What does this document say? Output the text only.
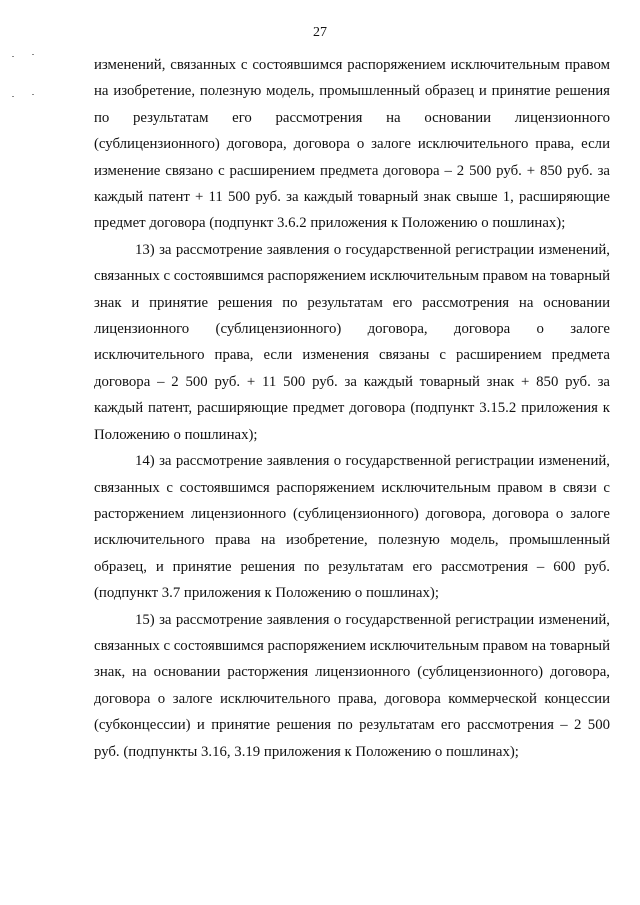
27

изменений, связанных с состоявшимся распоряжением исключительным правом на изобретение, полезную модель, промышленный образец и принятие решения по результатам его рассмотрения на основании лицензионного (сублицензионного) договора, договора о залоге исключительного права, если изменение связано с расширением предмета договора – 2 500 руб. + 850 руб. за каждый патент + 11 500 руб. за каждый товарный знак свыше 1, расширяющие предмет договора (подпункт 3.6.2 приложения к Положению о пошлинах);

13) за рассмотрение заявления о государственной регистрации изменений, связанных с состоявшимся распоряжением исключительным правом на товарный знак и принятие решения по результатам его рассмотрения на основании лицензионного (сублицензионного) договора, договора о залоге исключительного права, если изменения связаны с расширением предмета договора – 2 500 руб. + 11 500 руб. за каждый товарный знак + 850 руб. за каждый патент, расширяющие предмет договора (подпункт 3.15.2 приложения к Положению о пошлинах);

14) за рассмотрение заявления о государственной регистрации изменений, связанных с состоявшимся распоряжением исключительным правом в связи с расторжением лицензионного (сублицензионного) договора, договора о залоге исключительного права на изобретение, полезную модель, промышленный образец, и принятие решения по результатам его рассмотрения – 600 руб. (подпункт 3.7 приложения к Положению о пошлинах);

15) за рассмотрение заявления о государственной регистрации изменений, связанных с состоявшимся распоряжением исключительным правом на товарный знак, на основании расторжения лицензионного (сублицензионного) договора, договора о залоге исключительного права, договора коммерческой концессии (субконцессии) и принятие решения по результатам его рассмотрения – 2 500 руб. (подпункты 3.16, 3.19 приложения к Положению о пошлинах);
